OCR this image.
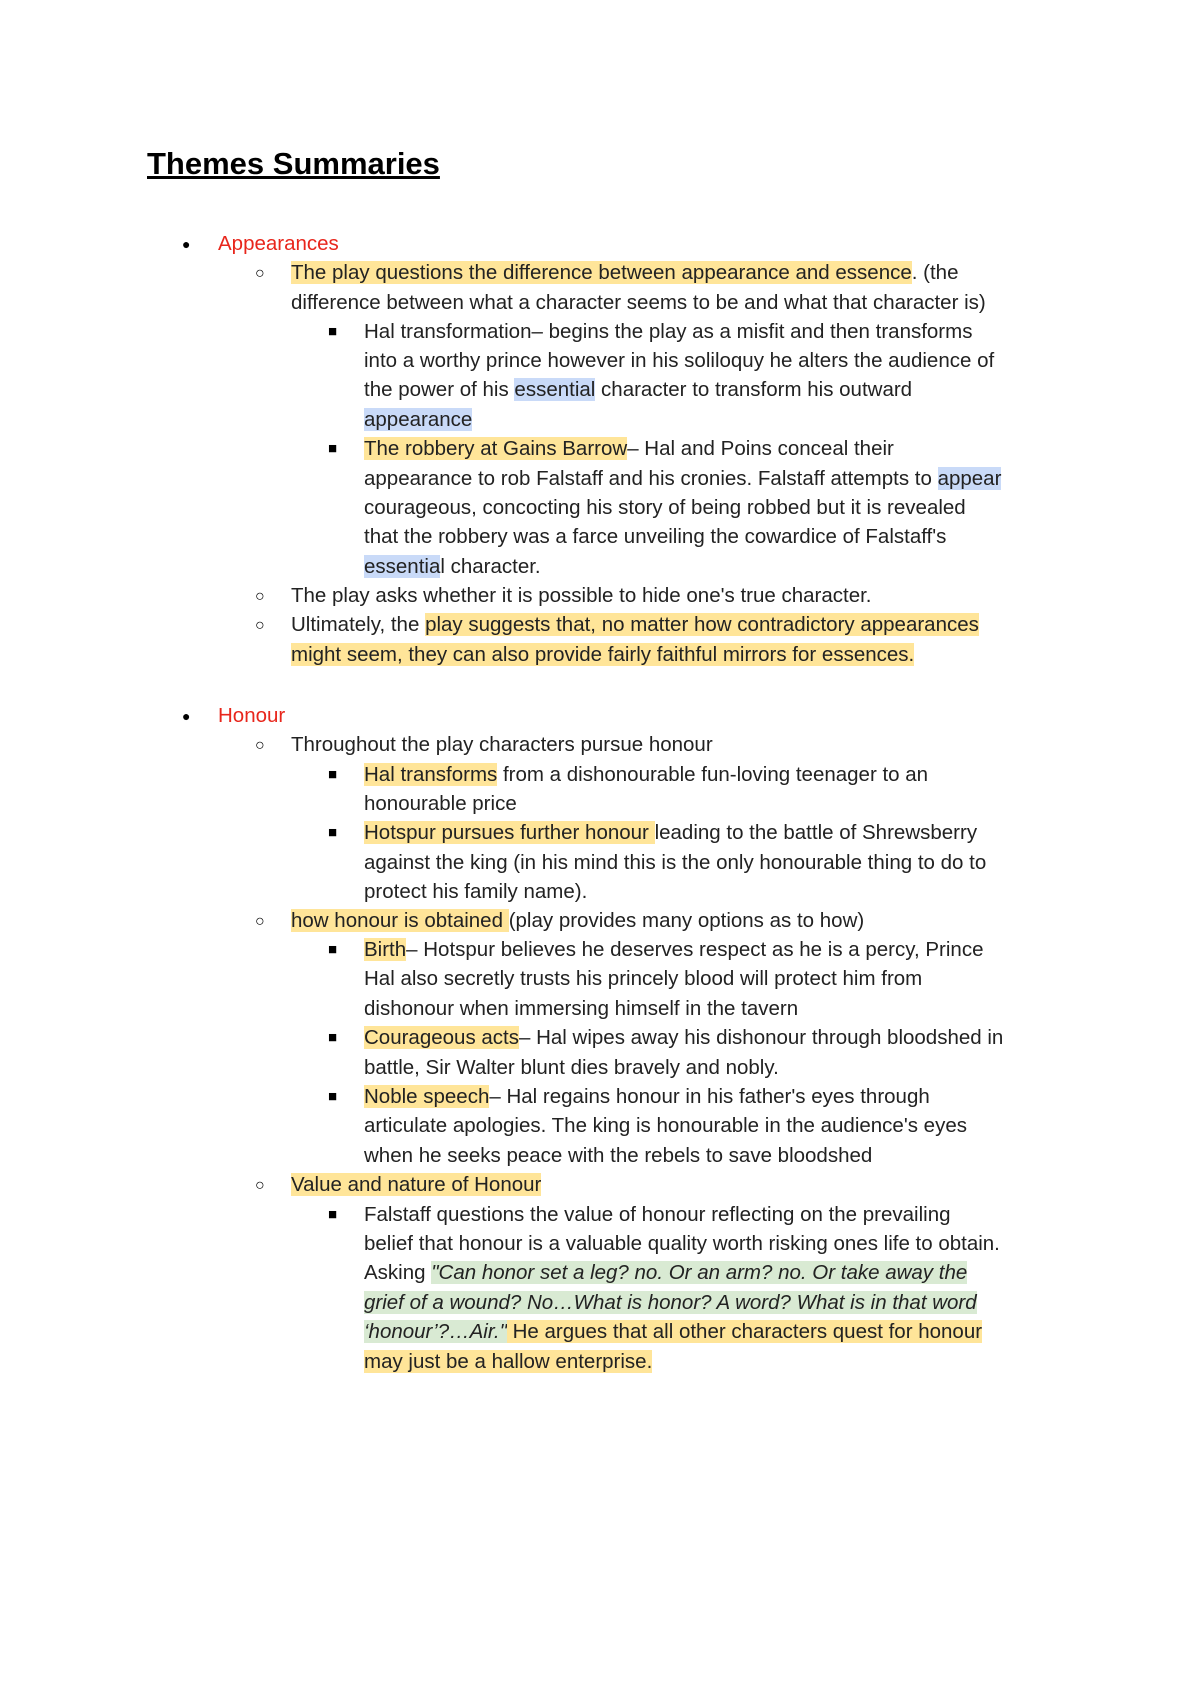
Themes Summaries
● Appearances
○ The play questions the difference between appearance and essence. (the
difference between what a character seems to be and what that character is)
■ Hal transformation– begins the play as a misfit and then transforms
into a worthy prince however in his soliloquy he alters the audience of
the power of his essential character to transform his outward
appearance
■ The robbery at Gains Barrow– Hal and Poins conceal their
appearance to rob Falstaff and his cronies. Falstaff attempts to appear
courageous, concocting his story of being robbed but it is revealed
that the robbery was a farce unveiling the cowardice of Falstaff's
essential character.
○ The play asks whether it is possible to hide one's true character.
○ Ultimately, the play suggests that, no matter how contradictory appearances
might seem, they can also provide fairly faithful mirrors for essences.
● Honour
○ Throughout the play characters pursue honour
■ Hal transforms from a dishonourable fun-loving teenager to an
honourable price
■ Hotspur pursues further honour leading to the battle of Shrewsberry
against the king (in his mind this is the only honourable thing to do to
protect his family name).
○ how honour is obtained (play provides many options as to how)
■ Birth– Hotspur believes he deserves respect as he is a percy, Prince
Hal also secretly trusts his princely blood will protect him from
dishonour when immersing himself in the tavern
■ Courageous acts– Hal wipes away his dishonour through bloodshed in
battle, Sir Walter blunt dies bravely and nobly.
■ Noble speech– Hal regains honour in his father's eyes through
articulate apologies. The king is honourable in the audience's eyes
when he seeks peace with the rebels to save bloodshed
○ Value and nature of Honour
■ Falstaff questions the value of honour reflecting on the prevailing
belief that honour is a valuable quality worth risking ones life to obtain.
Asking "Can honor set a leg? no. Or an arm? no. Or take away the
grief of a wound? No…What is honor? A word? What is in that word
‘honour’?…Air." He argues that all other characters quest for honour
may just be a hallow enterprise.
